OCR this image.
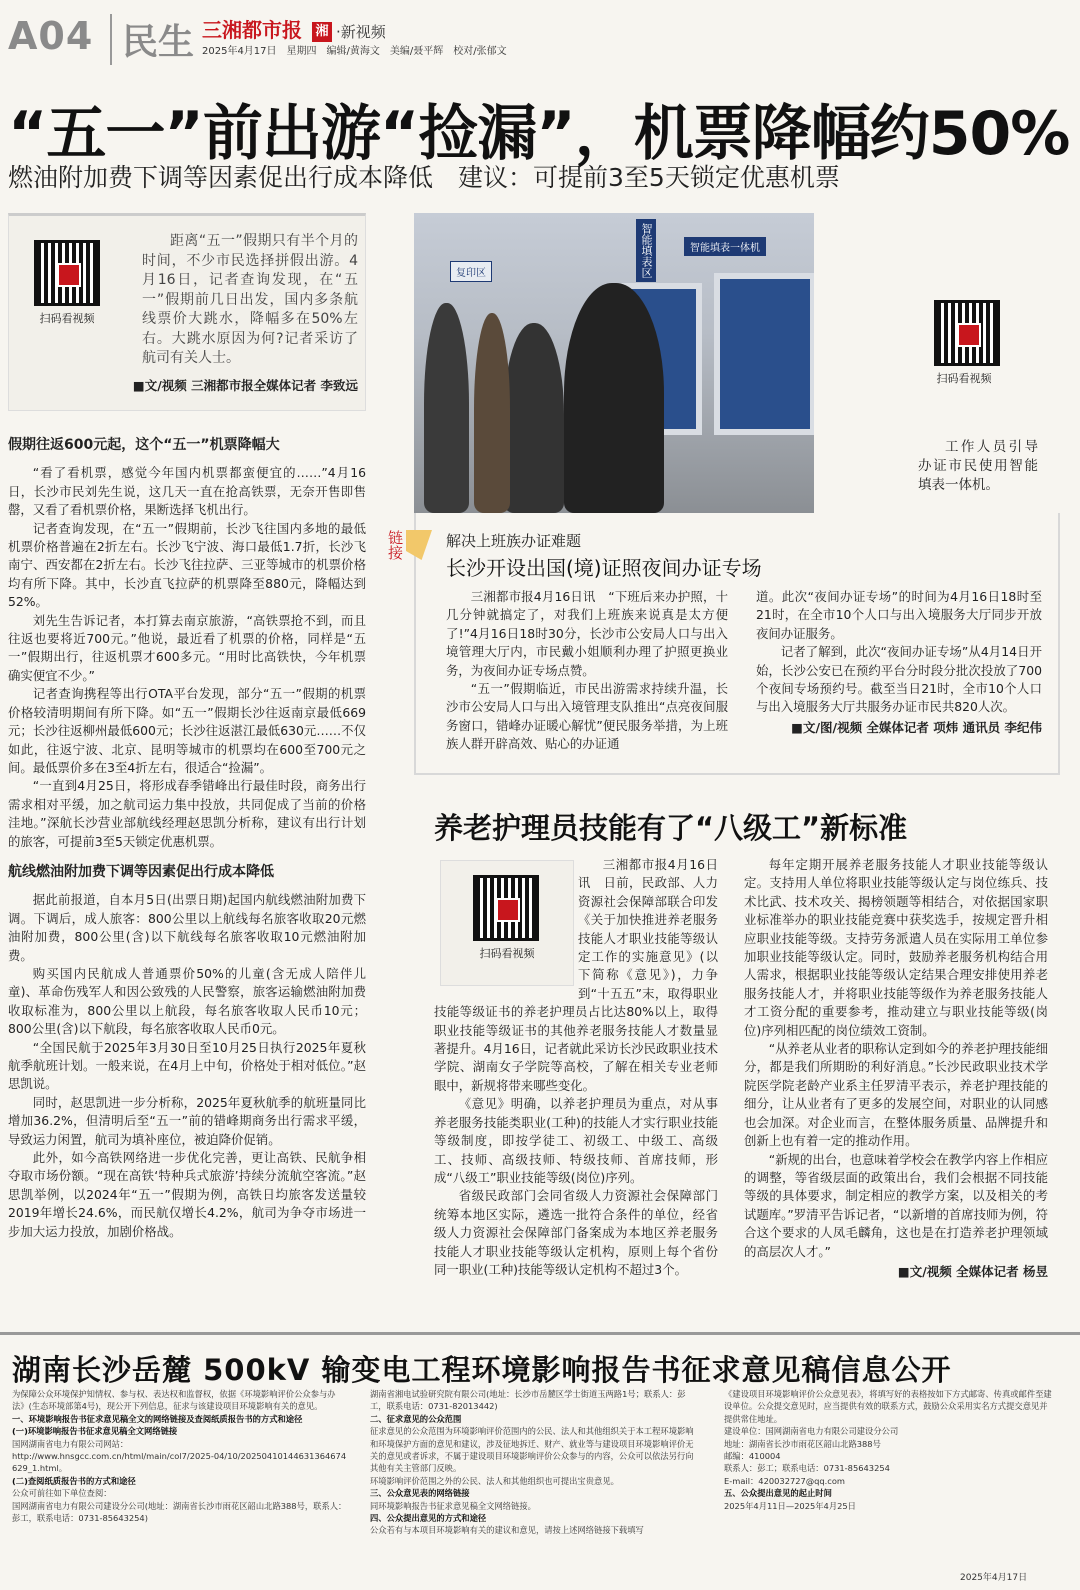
A04 民生 三湘都市报 湘 ·新视频
2025年4月17日　星期四　编辑/黄海文　美编/聂平辉　校对/张郁文
“五一”前出游“捡漏”，机票降幅约50%
燃油附加费下调等因素促出行成本降低　建议：可提前3至5天锁定优惠机票
扫码看视频

距离“五一”假期只有半个月的时间，不少市民选择拼假出游。4月16日，记者查询发现，在“五一”假期前几日出发，国内多条航线票价大跳水，降幅多在50%左右。大跳水原因为何?记者采访了航司有关人士。

■文/视频 三湘都市报全媒体记者 李致远

假期往返600元起，这个“五一”机票降幅大

“看了看机票，感觉今年国内机票都蛮便宜的……”4月16日，长沙市民刘先生说，这几天一直在抢高铁票，无奈开售即售罄，又看了看机票价格，果断选择飞机出行。

记者查询发现，在“五一”假期前，长沙飞往国内多地的最低机票价格普遍在2折左右。长沙飞宁波、海口最低1.7折，长沙飞南宁、西安都在2折左右。长沙飞往拉萨、三亚等城市的机票价格均有所下降。其中，长沙直飞拉萨的机票降至880元，降幅达到52%。

刘先生告诉记者，本打算去南京旅游，“高铁票抢不到，而且往返也要将近700元。”他说，最近看了机票的价格，同样是“五一”假期出行，往返机票才600多元。“用时比高铁快，今年机票确实便宜不少。”

记者查询携程等出行OTA平台发现，部分“五一”假期的机票价格较清明期间有所下降。如“五一”假期长沙往返南京最低669元；长沙往返柳州最低600元；长沙往返湛江最低630元……不仅如此，往返宁波、北京、昆明等城市的机票均在600至700元之间。最低票价多在3至4折左右，很适合“捡漏”。

“一直到4月25日，将形成春季错峰出行最佳时段，商务出行需求相对平缓，加之航司运力集中投放，共同促成了当前的价格洼地。”深航长沙营业部航线经理赵思凯分析称，建议有出行计划的旅客，可提前3至5天锁定优惠机票。

航线燃油附加费下调等因素促出行成本降低

据此前报道，自本月5日(出票日期)起国内航线燃油附加费下调。下调后，成人旅客：800公里以上航线每名旅客收取20元燃油附加费，800公里(含)以下航线每名旅客收取10元燃油附加费。

购买国内民航成人普通票价50%的儿童(含无成人陪伴儿童)、革命伤残军人和因公致残的人民警察，旅客运输燃油附加费收取标准为，800公里以上航段，每名旅客收取人民币10元；800公里(含)以下航段，每名旅客收取人民币0元。

“全国民航于2025年3月30日至10月25日执行2025年夏秋航季航班计划。一般来说，在4月上中旬，价格处于相对低位。”赵思凯说。

同时，赵思凯进一步分析称，2025年夏秋航季的航班量同比增加36.2%，但清明后至“五一”前的错峰期商务出行需求平缓，导致运力闲置，航司为填补座位，被迫降价促销。

此外，如今高铁网络进一步优化完善，更让高铁、民航争相夺取市场份额。“现在高铁‘特种兵式旅游’持续分流航空客流。”赵思凯举例，以2024年“五一”假期为例，高铁日均旅客发送量较2019年增长24.6%，而民航仅增长4.2%，航司为争夺市场进一步加大运力投放，加剧价格战。

智能填表区	智能填表一体机
复印区
扫码看视频
工作人员引导办证市民使用智能填表一体机。
链接	解决上班族办证难题
长沙开设出国(境)证照夜间办证专场

三湘都市报4月16日讯　“下班后来办护照，十几分钟就搞定了，对我们上班族来说真是太方便了!”4月16日18时30分，长沙市公安局人口与出入境管理大厅内，市民戴小姐顺利办理了护照更换业务，为夜间办证专场点赞。

“五一”假期临近，市民出游需求持续升温，长沙市公安局人口与出入境管理支队推出“点亮夜间服务窗口，错峰办证暖心解忧”便民服务举措，为上班族人群开辟高效、贴心的办证通

道。此次“夜间办证专场”的时间为4月16日18时至21时，在全市10个人口与出入境服务大厅同步开放夜间办证服务。

记者了解到，此次“夜间办证专场”从4月14日开始，长沙公安已在预约平台分时段分批次投放了700个夜间专场预约号。截至当日21时，全市10个人口与出入境服务大厅共服务办证市民共820人次。

■文/图/视频 全媒体记者 项炜 通讯员 李纪伟
养老护理员技能有了“八级工”新标准
扫码看视频

三湘都市报4月16日讯　日前，民政部、人力资源社会保障部联合印发《关于加快推进养老服务技能人才职业技能等级认定工作的实施意见》(以下简称《意见》)，力争到“十五五”末，取得职业技能等级证书的养老护理员占比达80%以上，取得职业技能等级证书的其他养老服务技能人才数量显著提升。4月16日，记者就此采访长沙民政职业技术学院、湖南女子学院等高校，了解在相关专业老师眼中，新规将带来哪些变化。

《意见》明确，以养老护理员为重点，对从事养老服务技能类职业(工种)的技能人才实行职业技能等级制度，即按学徒工、初级工、中级工、高级工、技师、高级技师、特级技师、首席技师，形成“八级工”职业技能等级(岗位)序列。

省级民政部门会同省级人力资源社会保障部门统筹本地区实际，遴选一批符合条件的单位，经省级人力资源社会保障部门备案成为本地区养老服务技能人才职业技能等级认定机构，原则上每个省份同一职业(工种)技能等级认定机构不超过3个。

每年定期开展养老服务技能人才职业技能等级认定。支持用人单位将职业技能等级认定与岗位练兵、技术比武、技术攻关、揭榜领题等相结合，对依据国家职业标准举办的职业技能竞赛中获奖选手，按规定晋升相应职业技能等级。支持劳务派遣人员在实际用工单位参加职业技能等级认定。同时，鼓励养老服务机构结合用人需求，根据职业技能等级认定结果合理安排使用养老服务技能人才，并将职业技能等级作为养老服务技能人才工资分配的重要参考，推动建立与职业技能等级(岗位)序列相匹配的岗位绩效工资制。

“从养老从业者的职称认定到如今的养老护理技能细分，都是我们所期盼的利好消息。”长沙民政职业技术学院医学院老龄产业系主任罗清平表示，养老护理技能的细分，让从业者有了更多的发展空间，对职业的认同感也会加深。对企业而言，在整体服务质量、品牌提升和创新上也有着一定的推动作用。

“新规的出台，也意味着学校会在教学内容上作相应的调整，等省级层面的政策出台，我们会根据不同技能等级的具体要求，制定相应的教学方案，以及相关的考试题库。”罗清平告诉记者，“以新增的首席技师为例，符合这个要求的人凤毛麟角，这也是在打造养老护理领域的高层次人才。”

■文/视频 全媒体记者 杨昱
湖南长沙岳麓 500kV 输变电工程环境影响报告书征求意见稿信息公开

为保障公众环境保护知情权、参与权、表达权和监督权，依据《环境影响评价公众参与办法》(生态环境部第4号)，现公开下列信息，征求与该建设项目环境影响有关的意见。

一、环境影响报告书征求意见稿全文的网络链接及查阅纸质报告书的方式和途径

(一)环境影响报告书征求意见稿全文网络链接

国网湖南省电力有限公司网站：

http://www.hnsgcc.com.cn/html/main/col7/2025-04/10/20250410144631364674629_1.html。

(二)查阅纸质报告书的方式和途径

公众可前往如下单位查阅：

国网湖南省电力有限公司建设分公司(地址：湖南省长沙市雨花区韶山北路388号，联系人：彭工，联系电话：0731-85643254)

湖南省湘电试验研究院有限公司(地址：长沙市岳麓区学士街道玉两路1号；联系人：彭工，联系电话：0731-82013442)

二、征求意见的公众范围

征求意见的公众范围为环境影响评价范围内的公民、法人和其他组织关于本工程环境影响和环境保护方面的意见和建议，涉及征地拆迁、财产、就业等与建设项目环境影响评价无关的意见或者诉求，不属于建设项目环境影响评价公众参与的内容，公众可以依法另行向其他有关主管部门反映。

环境影响评价范围之外的公民、法人和其他组织也可提出宝贵意见。

三、公众意见表的网络链接

同环境影响报告书征求意见稿全文网络链接。

四、公众提出意见的方式和途径

公众若有与本项目环境影响有关的建议和意见，请按上述网络链接下载填写

《建设项目环境影响评价公众意见表》，将填写好的表格按如下方式邮寄、传真或邮件至建设单位。公众提交意见时，应当提供有效的联系方式，鼓励公众采用实名方式提交意见并提供常住地址。

建设单位：国网湖南省电力有限公司建设分公司

地址：湖南省长沙市雨花区韶山北路388号

邮编：410004

联系人：彭工；联系电话：0731-85643254

E-mail：420032727@qq.com

五、公众提出意见的起止时间

2025年4月11日—2025年4月25日

2025年4月17日
